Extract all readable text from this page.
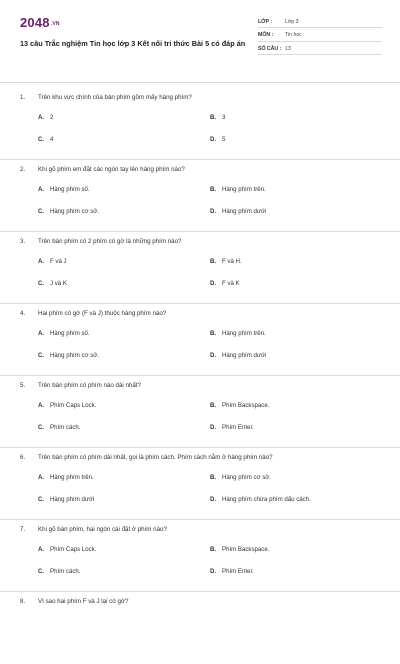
2048.VN
13 câu Trắc nghiệm Tin học lớp 3 Kết nối tri thức Bài 5 có đáp án
LỚP :	Lớp 3
MÔN :	Tin học
SỐ CÂU : 13
1.	Trên khu vực chính của bàn phím gồm mấy hàng phím?
A. 2	B. 3
C. 4	D. 5
2.	Khi gõ phím em đặt các ngón tay lên hàng phím nào?
A. Hàng phím số.	B. Hàng phím trên.
C. Hàng phím cơ sở.	D. Hàng phím dưới
3.	Trên bàn phím có 2 phím có gờ là những phím nào?
A. F và J	B. F và H.
C. J và K	D. F và K
4.	Hai phím có gờ (F và J) thuộc hàng phím nào?
A. Hàng phím số.	B. Hàng phím trên.
C. Hàng phím cơ sở.	D. Hàng phím dưới
5.	Trên bàn phím có phím nào dài nhất?
A. Phím Caps Lock.	B. Phím Backspace.
C. Phím cách.	D. Phím Enter.
6.	Trên bàn phím có phím dài nhất, gọi là phím cách. Phím cách nằm ở hàng phím nào?
A. Hàng phím trên.	B. Hàng phím cơ sở.
C. Hàng phím dưới	D. Hàng phím chứa phím dấu cách.
7.	Khi gõ bàn phím, hai ngón cái đặt ở phím nào?
A. Phím Caps Lock.	B. Phím Backspace.
C. Phím cách.	D. Phím Enter.
8.	Vì sao hai phím F và J lại có gờ?
